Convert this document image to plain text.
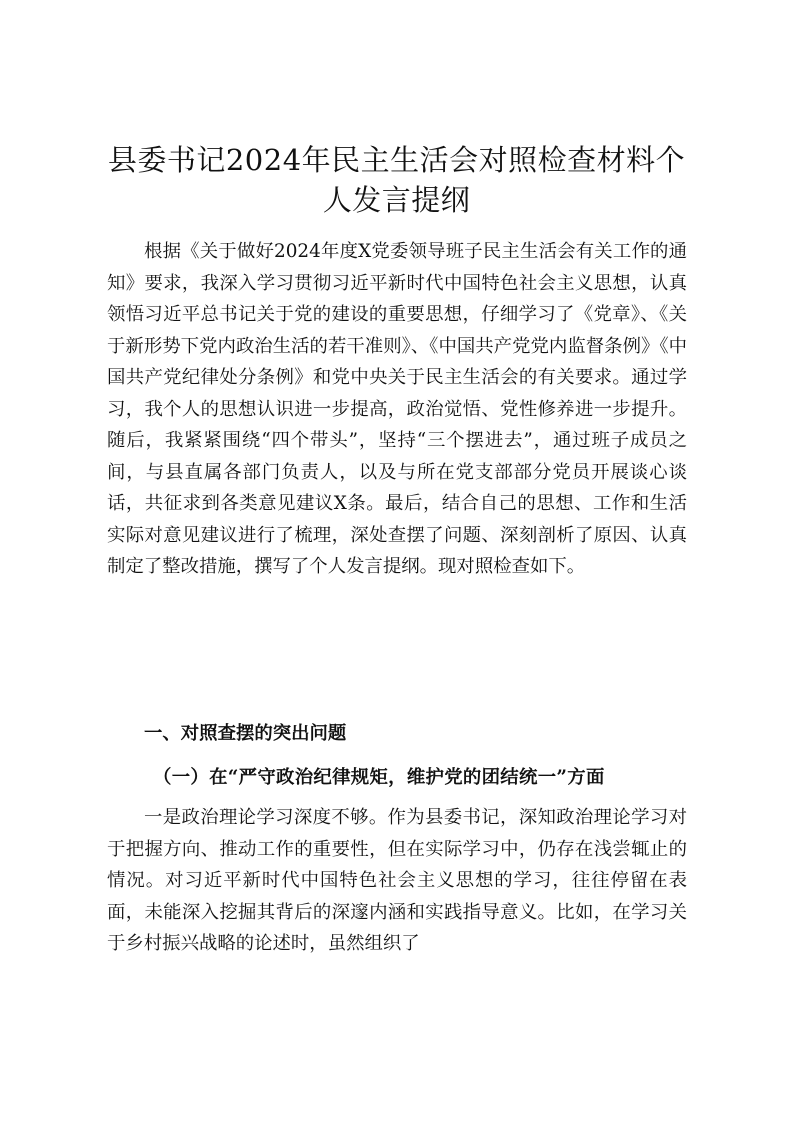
县委书记2024年民主生活会对照检查材料个人发言提纲

根据《关于做好2024年度X党委领导班子民主生活会有关工作的通知》要求，我深入学习贯彻习近平新时代中国特色社会主义思想，认真领悟习近平总书记关于党的建设的重要思想，仔细学习了《党章》、《关于新形势下党内政治生活的若干准则》、《中国共产党党内监督条例》《中国共产党纪律处分条例》和党中央关于民主生活会的有关要求。通过学习，我个人的思想认识进一步提高，政治觉悟、党性修养进一步提升。随后，我紧紧围绕“四个带头”，坚持“三个摆进去”，通过班子成员之间，与县直属各部门负责人，以及与所在党支部部分党员开展谈心谈话，共征求到各类意见建议X条。最后，结合自己的思想、工作和生活实际对意见建议进行了梳理，深处查摆了问题、深刻剖析了原因、认真制定了整改措施，撰写了个人发言提纲。现对照检查如下。

一、对照查摆的突出问题
（一）在“严守政治纪律规矩，维护党的团结统一”方面

一是政治理论学习深度不够。作为县委书记，深知政治理论学习对于把握方向、推动工作的重要性，但在实际学习中，仍存在浅尝辄止的情况。对习近平新时代中国特色社会主义思想的学习，往往停留在表面，未能深入挖掘其背后的深邃内涵和实践指导意义。比如，在学习关于乡村振兴战略的论述时，虽然组织了
